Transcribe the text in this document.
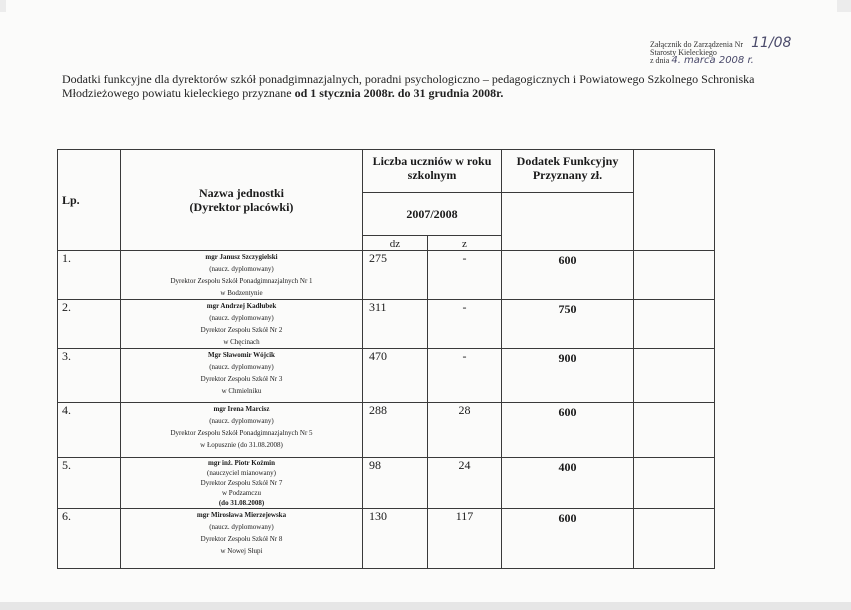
Załącznik do Zarządzenia Nr 11/08
Starosty Kieleckiego
z dnia 4. marca 2008 r.
Dodatki funkcyjne dla dyrektorów szkół ponadgimnazjalnych, poradni psychologiczno – pedagogicznych i Powiatowego Szkolnego Schroniska
Młodzieżowego powiatu kieleckiego przyznane od 1 stycznia 2008r. do 31 grudnia 2008r.
Lp.	Nazwa jednostki
(Dyrektor placówki)	Liczba uczniów w roku szkolnym		Dodatek Funkcyjny Przyznany zł.	
		2007/2008			
		dz	z		
1.	mgr Janusz Szczygielski
(naucz. dyplomowany)
Dyrektor Zespołu Szkół Ponadgimnazjalnych Nr 1
w Bodzentynie	275	-	600	
2.	mgr Andrzej Kadłubek
(naucz. dyplomowany)
Dyrektor Zespołu Szkół Nr 2
w Chęcinach	311	-	750	
3.	Mgr Sławomir Wójcik
(naucz. dyplomowany)
Dyrektor Zespołu Szkół Nr 3
w Chmielniku	470	-	900	
4.	mgr Irena Marcisz
(naucz. dyplomowany)
Dyrektor Zespołu Szkół Ponadgimnazjalnych Nr 5
w Łopusznie (do 31.08.2008)	288	28	600	
5.	mgr inż. Piotr Koźmin
(nauczyciel mianowany)
Dyrektor Zespołu Szkół Nr 7
w Podzamczu
(do 31.08.2008)	98	24	400	
6.	mgr Mirosława Mierzejewska
(naucz. dyplomowany)
Dyrektor Zespołu Szkół Nr 8
w Nowej Słupi	130	117	600	
